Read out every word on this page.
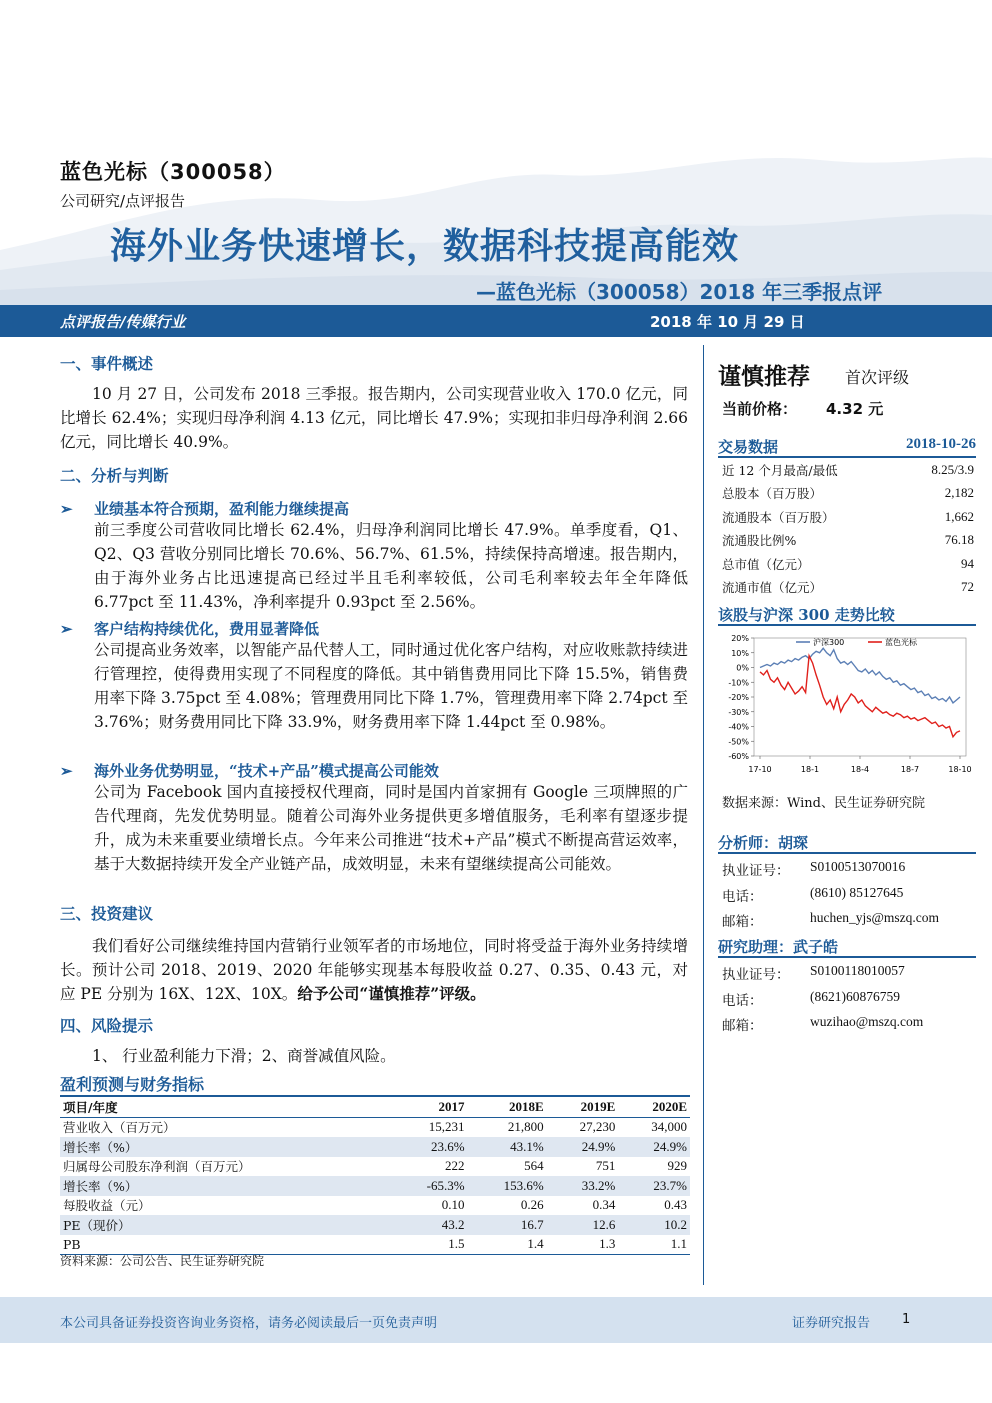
蓝色光标（300058）
公司研究/点评报告
海外业务快速增长，数据科技提高能效
—蓝色光标（300058）2018 年三季报点评
点评报告/传媒行业	2018 年 10 月 29 日
一、事件概述

10 月 27 日，公司发布 2018 三季报。报告期内，公司实现营业收入 170.0 亿元，同比增长 62.4%；实现归母净利润 4.13 亿元，同比增长 47.9%；实现扣非归母净利润 2.66 亿元，同比增长 40.9%。

二、分析与判断
➢ 业绩基本符合预期，盈利能力继续提高
前三季度公司营收同比增长 62.4%，归母净利润同比增长 47.9%。单季度看，Q1、Q2、Q3 营收分别同比增长 70.6%、56.7%、61.5%，持续保持高增速。报告期内，由于海外业务占比迅速提高已经过半且毛利率较低，公司毛利率较去年全年降低 6.77pct 至 11.43%，净利率提升 0.93pct 至 2.56%。
➢ 客户结构持续优化，费用显著降低
公司提高业务效率，以智能产品代替人工，同时通过优化客户结构，对应收账款持续进行管理控，使得费用实现了不同程度的降低。其中销售费用同比下降 15.5%，销售费用率下降 3.75pct 至 4.08%；管理费用同比下降 1.7%，管理费用率下降 2.74pct 至 3.76%；财务费用同比下降 33.9%，财务费用率下降 1.44pct 至 0.98%。
➢ 海外业务优势明显，“技术+产品”模式提高公司能效
公司为 Facebook 国内直接授权代理商，同时是国内首家拥有 Google 三项牌照的广告代理商，先发优势明显。随着公司海外业务提供更多增值服务，毛利率有望逐步提升，成为未来重要业绩增长点。今年来公司推进“技术+产品”模式不断提高营运效率，基于大数据持续开发全产业链产品，成效明显，未来有望继续提高公司能效。
三、投资建议

我们看好公司继续维持国内营销行业领军者的市场地位，同时将受益于海外业务持续增长。预计公司 2018、2019、2020 年能够实现基本每股收益 0.27、0.35、0.43 元，对应 PE 分别为 16X、12X、10X。给予公司“谨慎推荐”评级。

四、风险提示

1、 行业盈利能力下滑；2、商誉减值风险。

盈利预测与财务指标
项目/年度	2017	2018E	2019E	2020E
营业收入（百万元）	15,231	21,800	27,230	34,000
增长率（%）	23.6%	43.1%	24.9%	24.9%
归属母公司股东净利润（百万元）	222	564	751	929
增长率（%）	-65.3%	153.6%	33.2%	23.7%
每股收益（元）	0.10	0.26	0.34	0.43
PE（现价）	43.2	16.7	12.6	10.2
PB	1.5	1.4	1.3	1.1
资料来源：公司公告、民生证券研究院
谨慎推荐 首次评级
当前价格： 4.32 元
交易数据	2018-10-26
近 12 个月最高/最低	8.25/3.9
总股本（百万股）	2,182
流通股本（百万股）	1,662
流通股比例%	76.18
总市值（亿元）	94
流通市值（亿元）	72
该股与沪深 300 走势比较
20%
10%
0%
-10%
-20%
-30%
-40%
-50%
-60%
17-10	18-1	18-4	18-7	18-10
沪深300	蓝色光标
数据来源：Wind、民生证券研究院
分析师：胡琛
执业证号：	S0100513070016
电话：	(8610) 85127645
邮箱：	huchen_yjs@mszq.com
研究助理：武子皓
执业证号：	S0100118010057
电话：	(8621)60876759
邮箱：	wuzihao@mszq.com
本公司具备证券投资咨询业务资格，请务必阅读最后一页免责声明	证券研究报告 1
